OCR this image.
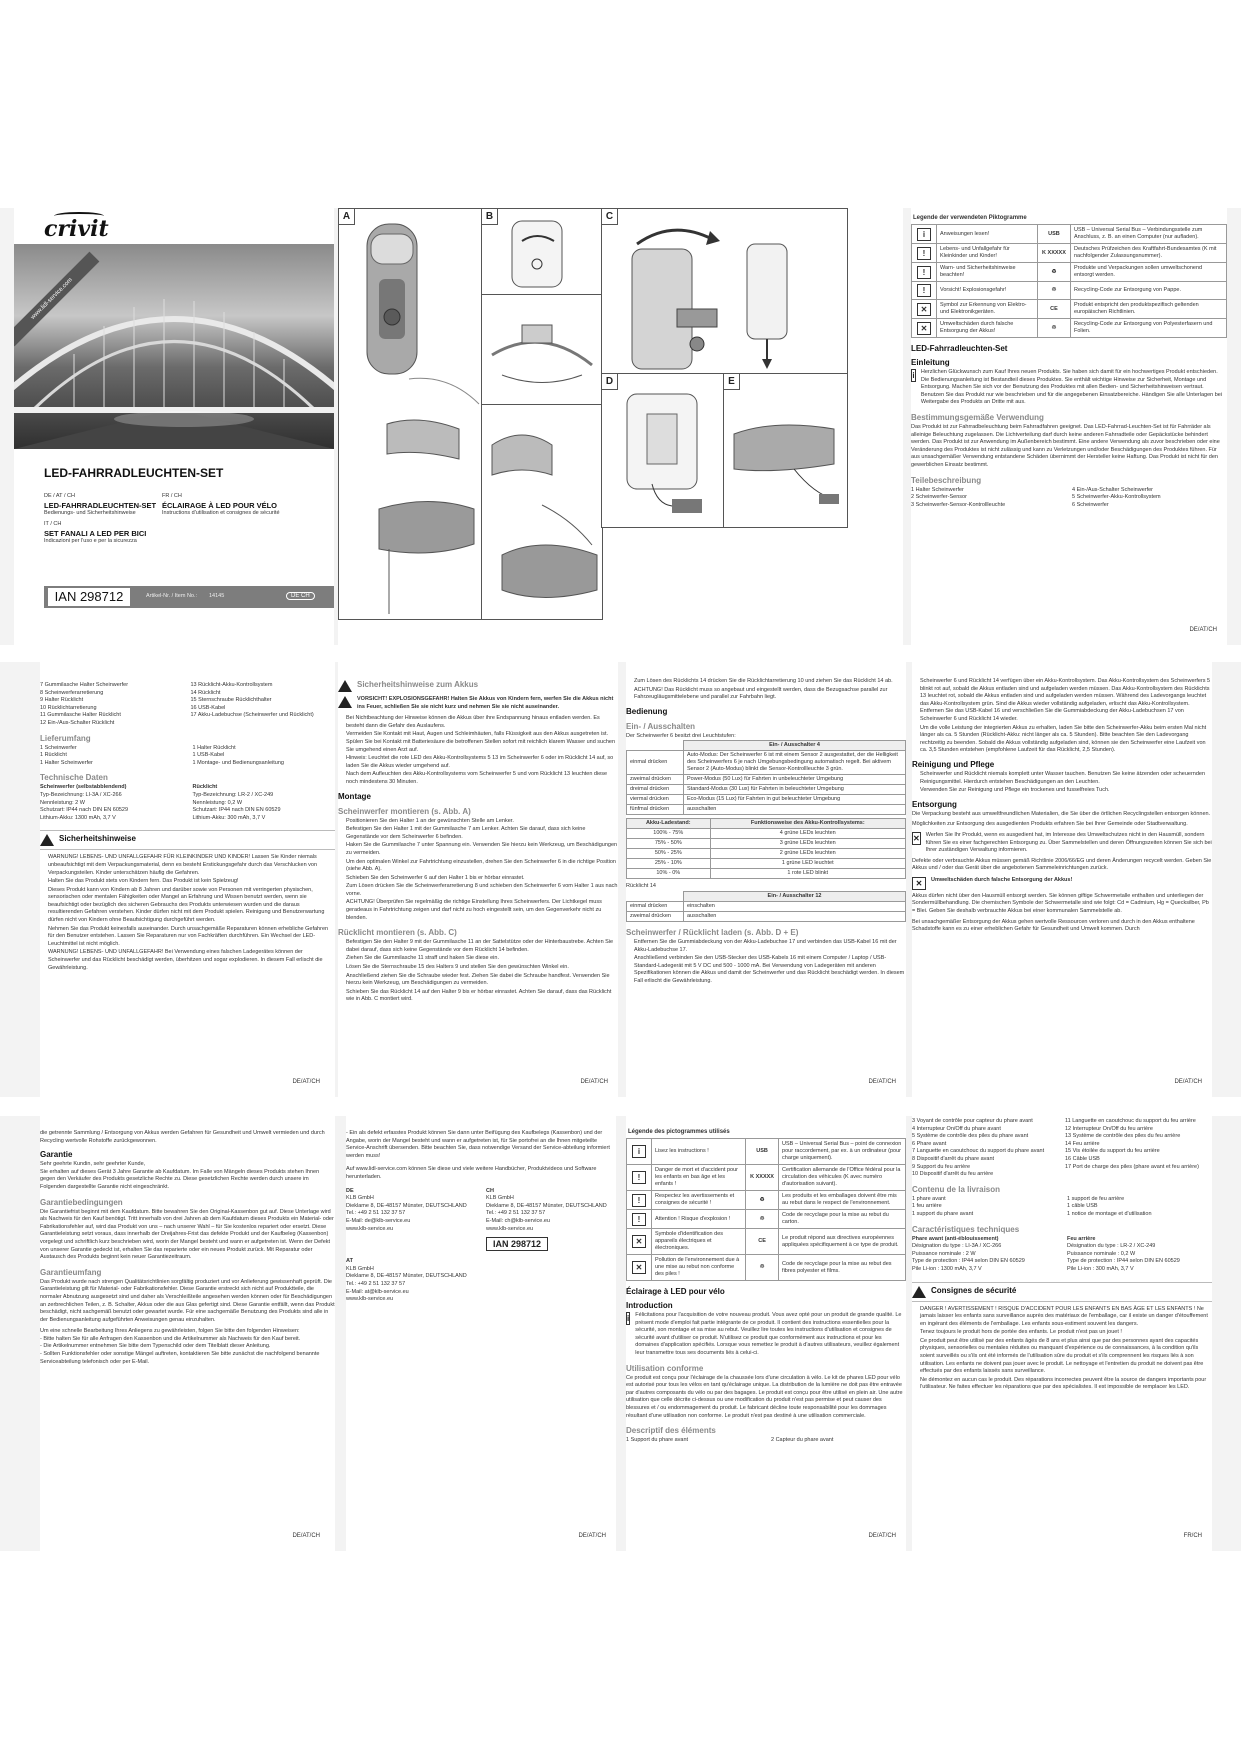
crivit
www.lidl-service.com
LED-FAHRRADLEUCHTEN-SET
DE / AT / CH
LED-FAHRRADLEUCHTEN-SET
Bedienungs- und Sicherheitshinweise
FR / CH
ÉCLAIRAGE À LED POUR VÉLO
Instructions d'utilisation et consignes de sécurité
IT / CH
SET FANALI A LED PER BICI
Indicazioni per l'uso e per la sicurezza
IAN 298712	Artikel-Nr. / Item No.: 14145	DE CH
A	B	C
D	E
Legende der verwendeten Piktogramme
i	Anweisungen lesen!	USB	USB – Universal Serial Bus – Verbindungsstelle zum Anschluss, z. B. an einen Computer (nur aufladen).
!	Lebens- und Unfallgefahr für Kleinkinder und Kinder!	K XXXXX	Deutsches Prüfzeichen des Kraftfahrt-Bundesamtes (K mit nachfolgender Zulassungsnummer).
!	Warn- und Sicherheitshinweise beachten!	♻	Produkte und Verpackungen sollen umweltschonend entsorgt werden.
!	Vorsicht! Explosionsgefahr!	♲	Recycling-Code zur Entsorgung von Pappe.
✕	Symbol zur Erkennung von Elektro- und Elektronikgeräten.	CE	Produkt entspricht den produktspezifisch geltenden europäischen Richtlinien.
✕	Umweltschäden durch falsche Entsorgung der Akkus!	♲	Recycling-Code zur Entsorgung von Polyesterfasern und Folien.
LED-Fahrradleuchten-Set
Einleitung
i Herzlichen Glückwunsch zum Kauf Ihres neuen Produkts. Sie haben sich damit für ein hochwertiges Produkt entschieden. Die Bedienungsanleitung ist Bestandteil dieses Produktes. Sie enthält wichtige Hinweise zur Sicherheit, Montage und Entsorgung. Machen Sie sich vor der Benutzung des Produktes mit allen Bedien- und Sicherheitshinweisen vertraut. Benutzen Sie das Produkt nur wie beschrieben und für die angegebenen Einsatzbereiche. Händigen Sie alle Unterlagen bei Weitergabe des Produkts an Dritte mit aus.
Bestimmungsgemäße Verwendung
Das Produkt ist zur Fahrradbeleuchtung beim Fahrradfahren geeignet. Das LED-Fahrrad-Leuchten-Set ist für Fahrräder als alleinige Beleuchtung zugelassen. Die Lichtverteilung darf durch keine anderen Fahrradteile oder Gepäckstücke behindert werden. Das Produkt ist zur Anwendung im Außenbereich bestimmt. Eine andere Verwendung als zuvor beschrieben oder eine Veränderung des Produktes ist nicht zulässig und kann zu Verletzungen und/oder Beschädigungen des Produktes führen. Für aus unsachgemäßer Verwendung entstandene Schäden übernimmt der Hersteller keine Haftung. Das Produkt ist nicht für den gewerblichen Einsatz bestimmt.
Teilebeschreibung
1 Halter Scheinwerfer	4 Ein-/Aus-Schalter Scheinwerfer
2 Scheinwerfer-Sensor	5 Scheinwerfer-Akku-Kontrollsystem
3 Scheinwerfer-Sensor-Kontrollleuchte	6 Scheinwerfer
DE/AT/CH
7 Gummilasche Halter Scheinwerfer
8 Scheinwerferarretierung
9 Halter Rücklicht
10 Rücklichtarretierung
11 Gummilasche Halter Rücklicht
12 Ein-/Aus-Schalter Rücklicht
13 Rücklicht-Akku-Kontrollsystem
14 Rücklicht
15 Sternschraube Rücklichthalter
16 USB-Kabel
17 Akku-Ladebuchse (Scheinwerfer und Rücklicht)
Lieferumfang
1 Scheinwerfer
1 Rücklicht
1 Halter Scheinwerfer
1 Halter Rücklicht
1 USB-Kabel
1 Montage- und Bedienungsanleitung
Technische Daten
Scheinwerfer (selbstabblendend)
Typ-Bezeichnung: LI-3A / XC-266
Nennleistung: 2 W
Schutzart: IP44 nach DIN EN 60529
Lithium-Akku: 1300 mAh, 3,7 V
Rücklicht
Typ-Bezeichnung: LR-2 / XC-249
Nennleistung: 0,2 W
Schutzart: IP44 nach DIN EN 60529
Lithium-Akku: 300 mAh, 3,7 V
Sicherheitshinweise
• WARNUNG! LEBENS- UND UNFALLGEFAHR FÜR KLEINKINDER UND KINDER! Lassen Sie Kinder niemals unbeaufsichtigt mit dem Verpackungsmaterial, denn es besteht Erstickungsgefahr durch das Verschlucken von Verpackungsteilen. Kinder unterschätzen häufig die Gefahren.
• Halten Sie das Produkt stets von Kindern fern. Das Produkt ist kein Spielzeug!
• Dieses Produkt kann von Kindern ab 8 Jahren und darüber sowie von Personen mit verringerten physischen, sensorischen oder mentalen Fähigkeiten oder Mangel an Erfahrung und Wissen benutzt werden, wenn sie beaufsichtigt oder bezüglich des sicheren Gebrauchs des Produkts unterwiesen wurden und die daraus resultierenden Gefahren verstehen. Kinder dürfen nicht mit dem Produkt spielen. Reinigung und Benutzerwartung dürfen nicht von Kindern ohne Beaufsichtigung durchgeführt werden.
• Nehmen Sie das Produkt keinesfalls auseinander. Durch unsachgemäße Reparaturen können erhebliche Gefahren für den Benutzer entstehen. Lassen Sie Reparaturen nur von Fachkräften durchführen. Ein Wechsel der LED-Leuchtmittel ist nicht möglich.
• WARNUNG! LEBENS- UND UNFALLGEFAHR! Bei Verwendung eines falschen Ladegerätes können der Scheinwerfer und das Rücklicht beschädigt werden, überhitzen und sogar explodieren. In diesem Fall erlischt die Gewährleistung.
DE/AT/CH
Sicherheitshinweise zum Akkus
VORSICHT! EXPLOSIONSGEFAHR! Halten Sie Akkus von Kindern fern, werfen Sie die Akkus nicht ins Feuer, schließen Sie sie nicht kurz und nehmen Sie sie nicht auseinander.
• Bei Nichtbeachtung der Hinweise können die Akkus über ihre Endspannung hinaus entladen werden. Es besteht dann die Gefahr des Auslaufens.
• Vermeiden Sie Kontakt mit Haut, Augen und Schleimhäuten, falls Flüssigkeit aus den Akkus ausgetreten ist. Spülen Sie bei Kontakt mit Batteriesäure die betroffenen Stellen sofort mit reichlich klarem Wasser und suchen Sie umgehend einen Arzt auf.
• Hinweis: Leuchtet die rote LED des Akku-Kontrollsystems 5 13 im Scheinwerfer 6 oder im Rücklicht 14 auf, so laden Sie die Akkus wieder umgehend auf.
• Nach dem Aufleuchten des Akku-Kontrollsystems vom Scheinwerfer 5 und vom Rücklicht 13 leuchten diese noch mindestens 30 Minuten.
Montage
Scheinwerfer montieren (s. Abb. A)
• Positionieren Sie den Halter 1 an der gewünschten Stelle am Lenker.
• Befestigen Sie den Halter 1 mit der Gummilasche 7 am Lenker. Achten Sie darauf, dass sich keine Gegenstände vor dem Scheinwerfer 6 befinden.
• Haken Sie die Gummilasche 7 unter Spannung ein. Verwenden Sie hierzu kein Werkzeug, um Beschädigungen zu vermeiden.
• Um den optimalen Winkel zur Fahrtrichtung einzustellen, drehen Sie den Scheinwerfer 6 in die richtige Position (siehe Abb. A).
• Schieben Sie den Scheinwerfer 6 auf den Halter 1 bis er hörbar einrastet.
• Zum Lösen drücken Sie die Scheinwerferarretierung 8 und schieben den Scheinwerfer 6 vom Halter 1 aus nach vorne.
• ACHTUNG! Überprüfen Sie regelmäßig die richtige Einstellung Ihres Scheinwerfers. Der Lichtkegel muss geradeaus in Fahrtrichtung zeigen und darf nicht zu hoch eingestellt sein, um den Gegenverkehr nicht zu blenden.
Rücklicht montieren (s. Abb. C)
• Befestigen Sie den Halter 9 mit der Gummilasche 11 an der Sattelstütze oder der Hinterbaustrebe. Achten Sie dabei darauf, dass sich keine Gegenstände vor dem Rücklicht 14 befinden.
• Ziehen Sie die Gummilasche 11 straff und haken Sie diese ein.
• Lösen Sie die Sternschraube 15 des Halters 9 und stellen Sie den gewünschten Winkel ein.
• Anschließend ziehen Sie die Schraube wieder fest. Ziehen Sie dabei die Schraube handfest. Verwenden Sie hierzu kein Werkzeug, um Beschädigungen zu vermeiden.
• Schieben Sie das Rücklicht 14 auf den Halter 9 bis er hörbar einrastet. Achten Sie darauf, dass das Rücklicht wie in Abb. C montiert wird.
DE/AT/CH
• Zum Lösen des Rücklichts 14 drücken Sie die Rücklichtarretierung 10 und ziehen Sie das Rücklicht 14 ab.
• ACHTUNG! Das Rücklicht muss so angebaut und eingestellt werden, dass die Bezugsachse parallel zur Fahrzeugläugsmittelebene und parallel zur Fahrbahn liegt.
Bedienung
Ein- / Ausschalten
Der Scheinwerfer 6 besitzt drei Leuchtstufen:
	Ein- / Ausschalter 4
einmal drücken	Auto-Modus: Der Scheinwerfer 6 ist mit einem Sensor 2 ausgestattet, der die Helligkeit des Scheinwerfers 6 je nach Umgebungsbedingung automatisch regelt. Bei aktivem Sensor 2 (Auto-Modus) blinkt die Sensor-Kontrollleuchte 3 grün.
zweimal drücken	Power-Modus (50 Lux) für Fahrten in unbeleuchteter Umgebung
dreimal drücken	Standard-Modus (30 Lux) für Fahrten in beleuchteter Umgebung
viermal drücken	Eco-Modus (15 Lux) für Fahrten in gut beleuchteter Umgebung
fünfmal drücken	ausschalten
Akku-Ladestand:	Funktionsweise des Akku-Kontrollsystems:
100% - 75%	4 grüne LEDs leuchten
75% - 50%	3 grüne LEDs leuchten
50% - 25%	2 grüne LEDs leuchten
25% - 10%	1 grüne LED leuchtet
10% - 0%	1 rote LED blinkt
Rücklicht 14
	Ein- / Ausschalter 12
einmal drücken	einschalten
zweimal drücken	ausschalten
Scheinwerfer / Rücklicht laden (s. Abb. D + E)
• Entfernen Sie die Gummiabdeckung von der Akku-Ladebuchse 17 und verbinden das USB-Kabel 16 mit der Akku-Ladebuchse 17.
• Anschließend verbinden Sie den USB-Stecker des USB-Kabels 16 mit einem Computer / Laptop / USB-Standard-Ladegerät mit 5 V DC und 500 - 1000 mA. Bei Verwendung von Ladegeräten mit anderen Spezifikationen können die Akkus und damit der Scheinwerfer und das Rücklicht beschädigt werden. In diesem Fall erlischt die Gewährleistung.
DE/AT/CH
• Scheinwerfer 6 und Rücklicht 14 verfügen über ein Akku-Kontrollsystem. Das Akku-Kontrollsystem des Scheinwerfers 5 blinkt rot auf, sobald die Akkus entladen sind und aufgeladen werden müssen. Das Akku-Kontrollsystem des Rücklichts 13 leuchtet rot, sobald die Akkus entladen sind und aufgeladen werden müssen. Während des Ladevorgangs leuchtet das Akku-Kontrollsystem grün. Sind die Akkus wieder vollständig aufgeladen, erlischt das Akku-Kontrollsystem. Entfernen Sie das USB-Kabel 16 und verschließen Sie die Gummiabdeckung der Akku-Ladebuchsen 17 von Scheinwerfer 6 und Rücklicht 14 wieder.
• Um die volle Leistung der integrierten Akkus zu erhalten, laden Sie bitte den Scheinwerfer-Akku beim ersten Mal nicht länger als ca. 5 Stunden (Rücklicht-Akku: nicht länger als ca. 5 Stunden). Bitte beachten Sie den Ladevorgang rechtzeitig zu beenden. Sobald die Akkus vollständig aufgeladen sind, können sie den Scheinwerfer eine Laufzeit von ca. 3,5 Stunden entstehen (empfohlene Laufzeit für das Rücklicht, 2,5 Stunden).
Reinigung und Pflege
• Scheinwerfer und Rücklicht niemals komplett unter Wasser tauchen. Benutzen Sie keine ätzenden oder scheuernden Reinigungsmittel. Hierdurch entstehen Beschädigungen an den Leuchten.
• Verwenden Sie zur Reinigung und Pflege ein trockenes und fusselfreies Tuch.
Entsorgung
Die Verpackung besteht aus umweltfreundlichen Materialien, die Sie über die örtlichen Recyclingstellen entsorgen können.
Möglichkeiten zur Entsorgung des ausgedienten Produkts erfahren Sie bei Ihrer Gemeinde oder Stadtverwaltung.
✕ Werfen Sie Ihr Produkt, wenn es ausgedient hat, im Interesse des Umweltschutzes nicht in den Hausmüll, sondern führen Sie es einer fachgerechten Entsorgung zu. Über Sammelstellen und deren Öffnungszeiten können Sie sich bei Ihrer zuständigen Verwaltung informieren.
Defekte oder verbrauchte Akkus müssen gemäß Richtlinie 2006/66/EG und deren Änderungen recycelt werden. Geben Sie Akkus und / oder das Gerät über die angebotenen Sammeleinrichtungen zurück.
✕	Umweltschäden durch falsche Entsorgung der Akkus!
Akkus dürfen nicht über den Hausmüll entsorgt werden. Sie können giftige Schwermetalle enthalten und unterliegen der Sondermüllbehandlung. Die chemischen Symbole der Schwermetalle sind wie folgt: Cd = Cadmium, Hg = Quecksilber, Pb = Blei. Geben Sie deshalb verbrauchte Akkus bei einer kommunalen Sammelstelle ab.
Bei unsachgemäßer Entsorgung der Akkus gehen wertvolle Ressourcen verloren und durch in den Akkus enthaltene Schadstoffe kann es zu einer erheblichen Gefahr für Gesundheit und Umwelt kommen. Durch
DE/AT/CH
die getrennte Sammlung / Entsorgung von Akkus werden Gefahren für Gesundheit und Umwelt vermieden und durch Recycling wertvolle Rohstoffe zurückgewonnen.
Garantie
Sehr geehrte Kundin, sehr geehrter Kunde,
Sie erhalten auf dieses Gerät 3 Jahre Garantie ab Kaufdatum. Im Falle von Mängeln dieses Produkts stehen Ihnen gegen den Verkäufer des Produkts gesetzliche Rechte zu. Diese gesetzlichen Rechte werden durch unsere im Folgenden dargestellte Garantie nicht eingeschränkt.
Garantiebedingungen
Die Garantiefrist beginnt mit dem Kaufdatum. Bitte bewahren Sie den Original-Kassenbon gut auf. Diese Unterlage wird als Nachweis für den Kauf benötigt. Tritt innerhalb von drei Jahren ab dem Kaufdatum dieses Produkts ein Material- oder Fabrikationsfehler auf, wird das Produkt von uns – nach unserer Wahl – für Sie kostenlos repariert oder ersetzt. Diese Garantieleistung setzt voraus, dass innerhalb der Dreijahres-Frist das defekte Produkt und der Kaufbeleg (Kassenbon) vorgelegt und schriftlich kurz beschrieben wird, worin der Mangel besteht und wann er aufgetreten ist. Wenn der Defekt von unserer Garantie gedeckt ist, erhalten Sie das reparierte oder ein neues Produkt zurück. Mit Reparatur oder Austausch des Produkts beginnt kein neuer Garantiezeitraum.
Garantieumfang
Das Produkt wurde nach strengen Qualitätsrichtlinien sorgfältig produziert und vor Anlieferung gewissenhaft geprüft. Die Garantieleistung gilt für Material- oder Fabrikationsfehler. Diese Garantie erstreckt sich nicht auf Produktteile, die normaler Abnutzung ausgesetzt sind und daher als Verschleißteile angesehen werden können oder für Beschädigungen an zerbrechlichen Teilen, z. B. Schalter, Akkus oder die aus Glas gefertigt sind. Diese Garantie entfällt, wenn das Produkt beschädigt, nicht sachgemäß benutzt oder gewartet wurde. Für eine sachgemäße Benutzung des Produkts sind alle in der Bedienungsanleitung aufgeführten Anweisungen genau einzuhalten.
Um eine schnelle Bearbeitung Ihres Anliegens zu gewährleisten, folgen Sie bitte den folgenden Hinweisen:
- Bitte halten Sie für alle Anfragen den Kassenbon und die Artikelnummer als Nachweis für den Kauf bereit.
- Die Artikelnummer entnehmen Sie bitte dem Typenschild oder dem Titelblatt dieser Anleitung.
- Sollten Funktionsfehler oder sonstige Mängel auftreten, kontaktieren Sie bitte zunächst die nachfolgend benannte Serviceabteilung telefonisch oder per E-Mail.
DE/AT/CH
- Ein als defekt erfasstes Produkt können Sie dann unter Beifügung des Kaufbelegs (Kassenbon) und der Angabe, worin der Mangel besteht und wann er aufgetreten ist, für Sie portofrei an die Ihnen mitgeteilte Service-Anschrift übersenden. Bitte beachten Sie, dass notwendige Versand der Service-abteilung informiert werden muss!
Auf www.lidl-service.com können Sie diese und viele weitere Handbücher, Produktvideos und Software herunterladen.
DE
KLB GmbH
Dieklame 8, DE-48157 Münster, DEUTSCHLAND
Tel.: +49 2 51 132 37 57
E-Mail: de@klb-service.eu
www.klb-service.eu
CH
KLB GmbH
Dieklame 8, DE-48157 Münster, DEUTSCHLAND
Tel.: +49 2 51 132 37 57
E-Mail: ch@klb-service.eu
www.klb-service.eu
IAN 298712
AT
KLB GmbH
Dieklame 8, DE-48157 Münster, DEUTSCHLAND
Tel.: +49 2 51 132 37 57
E-Mail: at@klb-service.eu
www.klb-service.eu
DE/AT/CH
Légende des pictogrammes utilisés
i	Lisez les instructions !	USB	USB – Universal Serial Bus – point de connexion pour raccordement, par ex. à un ordinateur (pour charge uniquement).
!	Danger de mort et d'accident pour les enfants en bas âge et les enfants !	K XXXXX	Certification allemande de l'Office fédéral pour la circulation des véhicules (K avec numéro d'autorisation suivant).
!	Respectez les avertissements et consignes de sécurité !	♻	Les produits et les emballages doivent être mis au rebut dans le respect de l'environnement.
!	Attention ! Risque d'explosion !	♲	Code de recyclage pour la mise au rebut du carton.
✕	Symbole d'identification des appareils électriques et électroniques.	CE	Le produit répond aux directives européennes appliquées spécifiquement à ce type de produit.
✕	Pollution de l'environnement due à une mise au rebut non conforme des piles !	♲	Code de recyclage pour la mise au rebut des fibres polyester et films.
Éclairage à LED pour vélo
Introduction
i Félicitations pour l'acquisition de votre nouveau produit. Vous avez opté pour un produit de grande qualité. Le présent mode d'emploi fait partie intégrante de ce produit. Il contient des instructions essentielles pour la sécurité, son montage et sa mise au rebut. Veuillez lire toutes les instructions d'utilisation et consignes de sécurité avant d'utiliser ce produit. N'utilisez ce produit que conformément aux instructions et pour les domaines d'application spécifiés. Lorsque vous remettez le produit à d'autres utilisateurs, veuillez également leur transmettre tous ses documents liés à celui-ci.
Utilisation conforme
Ce produit est conçu pour l'éclairage de la chaussée lors d'une circulation à vélo. Le kit de phares LED pour vélo est autorisé pour tous les vélos en tant qu'éclairage unique. La distribution de la lumière ne doit pas être entravée par d'autres composants du vélo ou par des bagages. Le produit est conçu pour être utilisé en plein air. Une autre utilisation que celle décrite ci-dessus ou une modification du produit n'est pas permise et peut causer des blessures et / ou endommagement du produit. Le fabricant décline toute responsabilité pour les dommages résultant d'une utilisation non conforme. Le produit n'est pas destiné à une utilisation commerciale.
Descriptif des éléments
1 Support du phare avant	2 Capteur du phare avant
DE/AT/CH
3 Voyant de contrôle pour capteur du phare avant	11 Languette en caoutchouc du support du feu arrière
4 Interrupteur On/Off du phare avant	12 Interrupteur On/Off du feu arrière
5 Système de contrôle des piles du phare avant	13 Système de contrôle des piles du feu arrière
6 Phare avant	14 Feu arrière
7 Languette en caoutchouc du support du phare avant	15 Vis étoilée du support du feu arrière
8 Dispositif d'arrêt du phare avant	16 Câble USB
9 Support du feu arrière	17 Port de charge des piles (phare avant et feu arrière)
10 Dispositif d'arrêt du feu arrière
Contenu de la livraison
1 phare avant
1 feu arrière
1 support du phare avant
1 support de feu arrière
1 câble USB
1 notice de montage et d'utilisation
Caractéristiques techniques
Phare avant (anti-éblouissement)
Désignation du type : LI-3A / XC-266
Puissance nominale : 2 W
Type de protection : IP44 selon DIN EN 60529
Pile Li-ion : 1300 mAh, 3,7 V
Feu arrière
Désignation du type : LR-2 / XC-249
Puissance nominale : 0,2 W
Type de protection : IP44 selon DIN EN 60529
Pile Li-ion : 300 mAh, 3,7 V
Consignes de sécurité
• DANGER ! AVERTISSEMENT ! RISQUE D'ACCIDENT POUR LES ENFANTS EN BAS ÂGE ET LES ENFANTS ! Ne jamais laisser les enfants sans surveillance auprès des matériaux de l'emballage, car il existe un danger d'étouffement en ingérant des éléments de l'emballage. Les enfants sous-estiment souvent les dangers.
• Tenez toujours le produit hors de portée des enfants. Le produit n'est pas un jouet !
• Ce produit peut être utilisé par des enfants âgés de 8 ans et plus ainsi que par des personnes ayant des capacités physiques, sensorielles ou mentales réduites ou manquant d'expérience ou de connaissances, à la condition qu'ils soient surveillés ou s'ils ont été informés de l'utilisation sûre du produit et s'ils comprennent les risques liés à son utilisation. Les enfants ne doivent pas jouer avec le produit. Le nettoyage et l'entretien du produit ne doivent pas être effectués par des enfants laissés sans surveillance.
• Ne démontez en aucun cas le produit. Des réparations incorrectes peuvent être la source de dangers importants pour l'utilisateur. Ne faites effectuer les réparations que par des spécialistes. Il est impossible de remplacer les LED.
FR/CH
